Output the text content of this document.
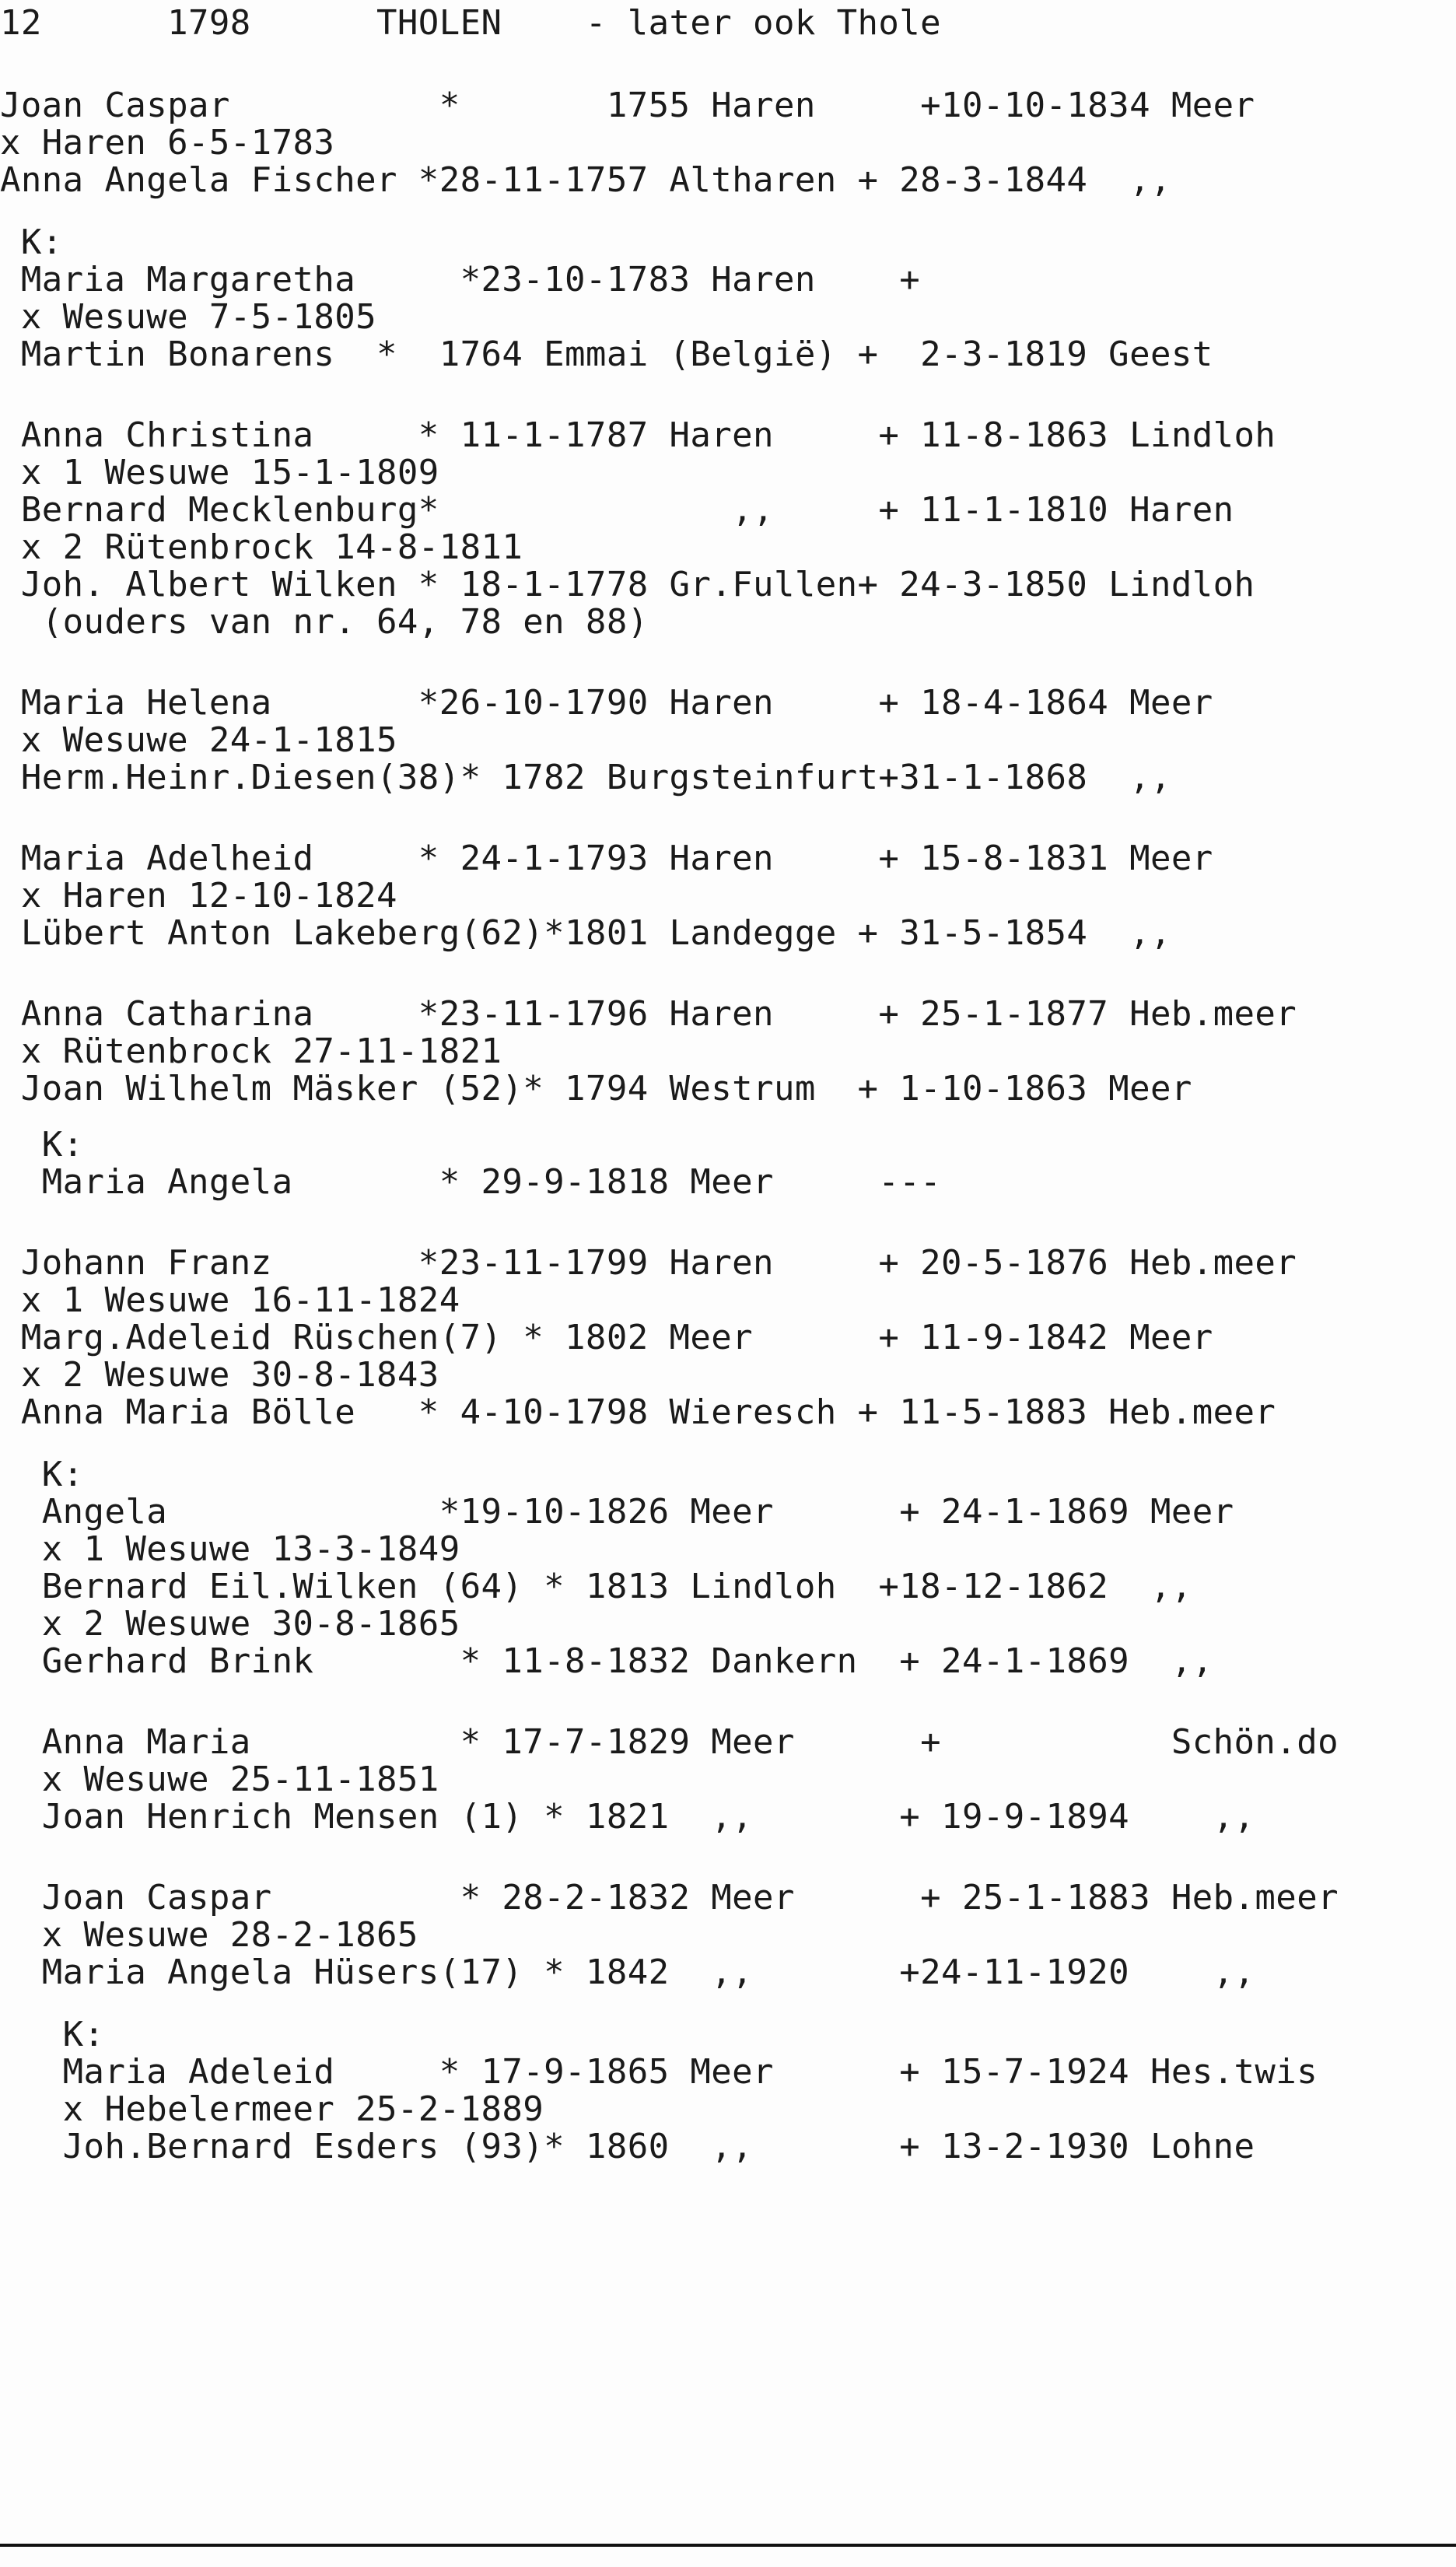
12      1798      THOLEN    - later ook Thole
Joan Caspar          *       1755 Haren     +10-10-1834 Meer
x Haren 6-5-1783
Anna Angela Fischer *28-11-1757 Altharen + 28-3-1844  ,,
K:
Maria Margaretha     *23-10-1783 Haren    +
x Wesuwe 7-5-1805
Martin Bonarens  *  1764 Emmai (België) +  2-3-1819 Geest
Anna Christina     * 11-1-1787 Haren     + 11-8-1863 Lindloh
x 1 Wesuwe 15-1-1809
Bernard Mecklenburg*              ,,     + 11-1-1810 Haren
x 2 Rütenbrock 14-8-1811
Joh. Albert Wilken * 18-1-1778 Gr.Fullen+ 24-3-1850 Lindloh
(ouders van nr. 64, 78 en 88)
Maria Helena       *26-10-1790 Haren     + 18-4-1864 Meer
x Wesuwe 24-1-1815
Herm.Heinr.Diesen(38)* 1782 Burgsteinfurt+31-1-1868  ,,
Maria Adelheid     * 24-1-1793 Haren     + 15-8-1831 Meer
x Haren 12-10-1824
Lübert Anton Lakeberg(62)*1801 Landegge + 31-5-1854  ,,
Anna Catharina     *23-11-1796 Haren     + 25-1-1877 Heb.meer
x Rütenbrock 27-11-1821
Joan Wilhelm Mäsker (52)* 1794 Westrum  + 1-10-1863 Meer
K:
Maria Angela       * 29-9-1818 Meer     ---
Johann Franz       *23-11-1799 Haren     + 20-5-1876 Heb.meer
x 1 Wesuwe 16-11-1824
Marg.Adeleid Rüschen(7) * 1802 Meer      + 11-9-1842 Meer
x 2 Wesuwe 30-8-1843
Anna Maria Bölle   * 4-10-1798 Wieresch + 11-5-1883 Heb.meer
K:
Angela             *19-10-1826 Meer      + 24-1-1869 Meer
x 1 Wesuwe 13-3-1849
Bernard Eil.Wilken (64) * 1813 Lindloh  +18-12-1862  ,,
x 2 Wesuwe 30-8-1865
Gerhard Brink       * 11-8-1832 Dankern  + 24-1-1869  ,,
Anna Maria          * 17-7-1829 Meer      +           Schön.do
x Wesuwe 25-11-1851
Joan Henrich Mensen (1) * 1821  ,,       + 19-9-1894    ,,
Joan Caspar         * 28-2-1832 Meer      + 25-1-1883 Heb.meer
x Wesuwe 28-2-1865
Maria Angela Hüsers(17) * 1842  ,,       +24-11-1920    ,,
K:
Maria Adeleid     * 17-9-1865 Meer      + 15-7-1924 Hes.twis
x Hebelermeer 25-2-1889
Joh.Bernard Esders (93)* 1860  ,,       + 13-2-1930 Lohne
